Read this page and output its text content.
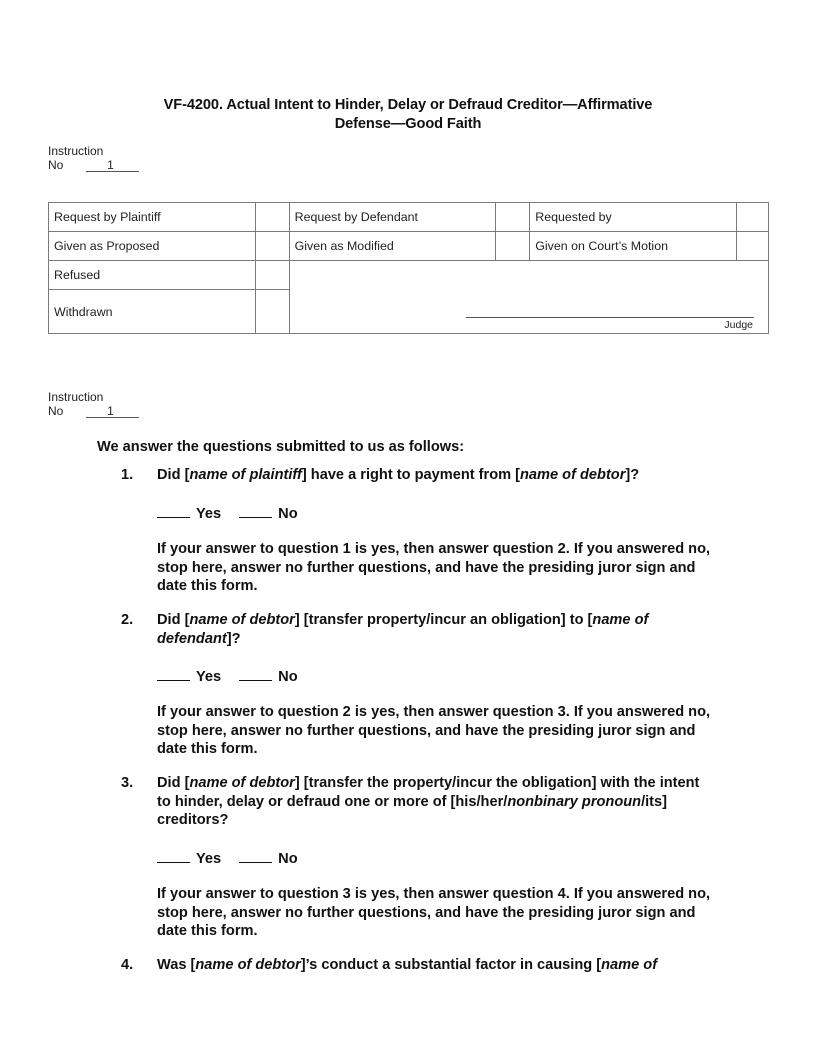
VF-4200. Actual Intent to Hinder, Delay or Defraud Creditor—Affirmative
Defense—Good Faith
Instruction
No	1
Request by Plaintiff		Request by Defendant		Requested by	
Given as Proposed		Given as Modified		Given on Court’s Motion	
Refused		Judge			

Withdrawn					
Instruction
No	1
We answer the questions submitted to us as follows:
1. Did [name of plaintiff] have a right to payment from [name of debtor]?
Yes	No
If your answer to question 1 is yes, then answer question 2. If you answered no, stop here, answer no further questions, and have the presiding juror sign and date this form.
2. Did [name of debtor] [transfer property/incur an obligation] to [name of defendant]?
Yes	No
If your answer to question 2 is yes, then answer question 3. If you answered no, stop here, answer no further questions, and have the presiding juror sign and date this form.
3. Did [name of debtor] [transfer the property/incur the obligation] with the intent to hinder, delay or defraud one or more of [his/her/nonbinary pronoun/its] creditors?
Yes	No
If your answer to question 3 is yes, then answer question 4. If you answered no, stop here, answer no further questions, and have the presiding juror sign and date this form.
4. Was [name of debtor]’s conduct a substantial factor in causing [name of
